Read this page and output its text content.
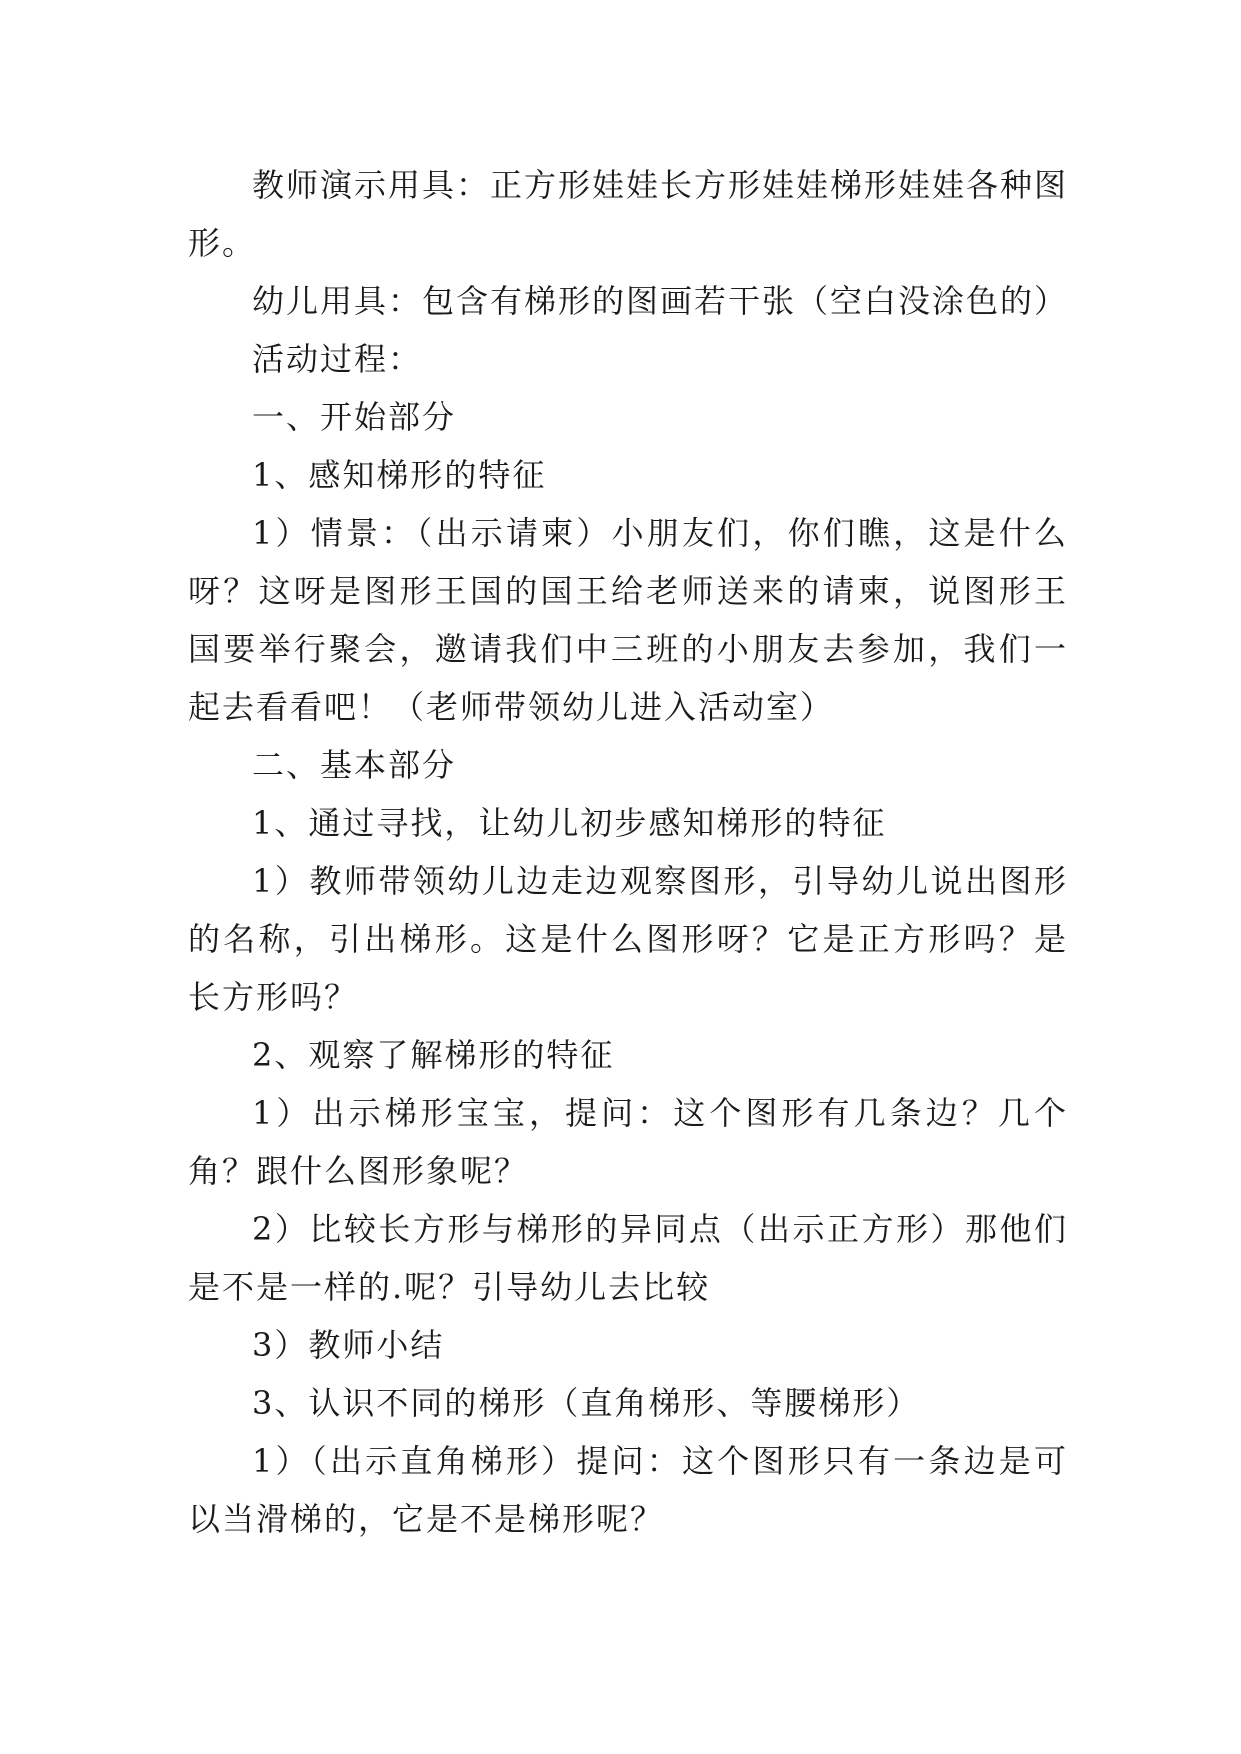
教师演示用具：正方形娃娃长方形娃娃梯形娃娃各种图形。

幼儿用具：包含有梯形的图画若干张（空白没涂色的）

活动过程：

一、开始部分

1、感知梯形的特征

1）情景：（出示请柬）小朋友们，你们瞧，这是什么呀？这呀是图形王国的国王给老师送来的请柬，说图形王国要举行聚会，邀请我们中三班的小朋友去参加，我们一起去看看吧！（老师带领幼儿进入活动室）

二、基本部分

1、通过寻找，让幼儿初步感知梯形的特征

1）教师带领幼儿边走边观察图形，引导幼儿说出图形的名称，引出梯形。这是什么图形呀？它是正方形吗？是长方形吗？

2、观察了解梯形的特征

1）出示梯形宝宝，提问：这个图形有几条边？几个角？跟什么图形象呢？

2）比较长方形与梯形的异同点（出示正方形）那他们是不是一样的.呢？引导幼儿去比较

3）教师小结

3、认识不同的梯形（直角梯形、等腰梯形）

1）（出示直角梯形）提问：这个图形只有一条边是可以当滑梯的，它是不是梯形呢？
